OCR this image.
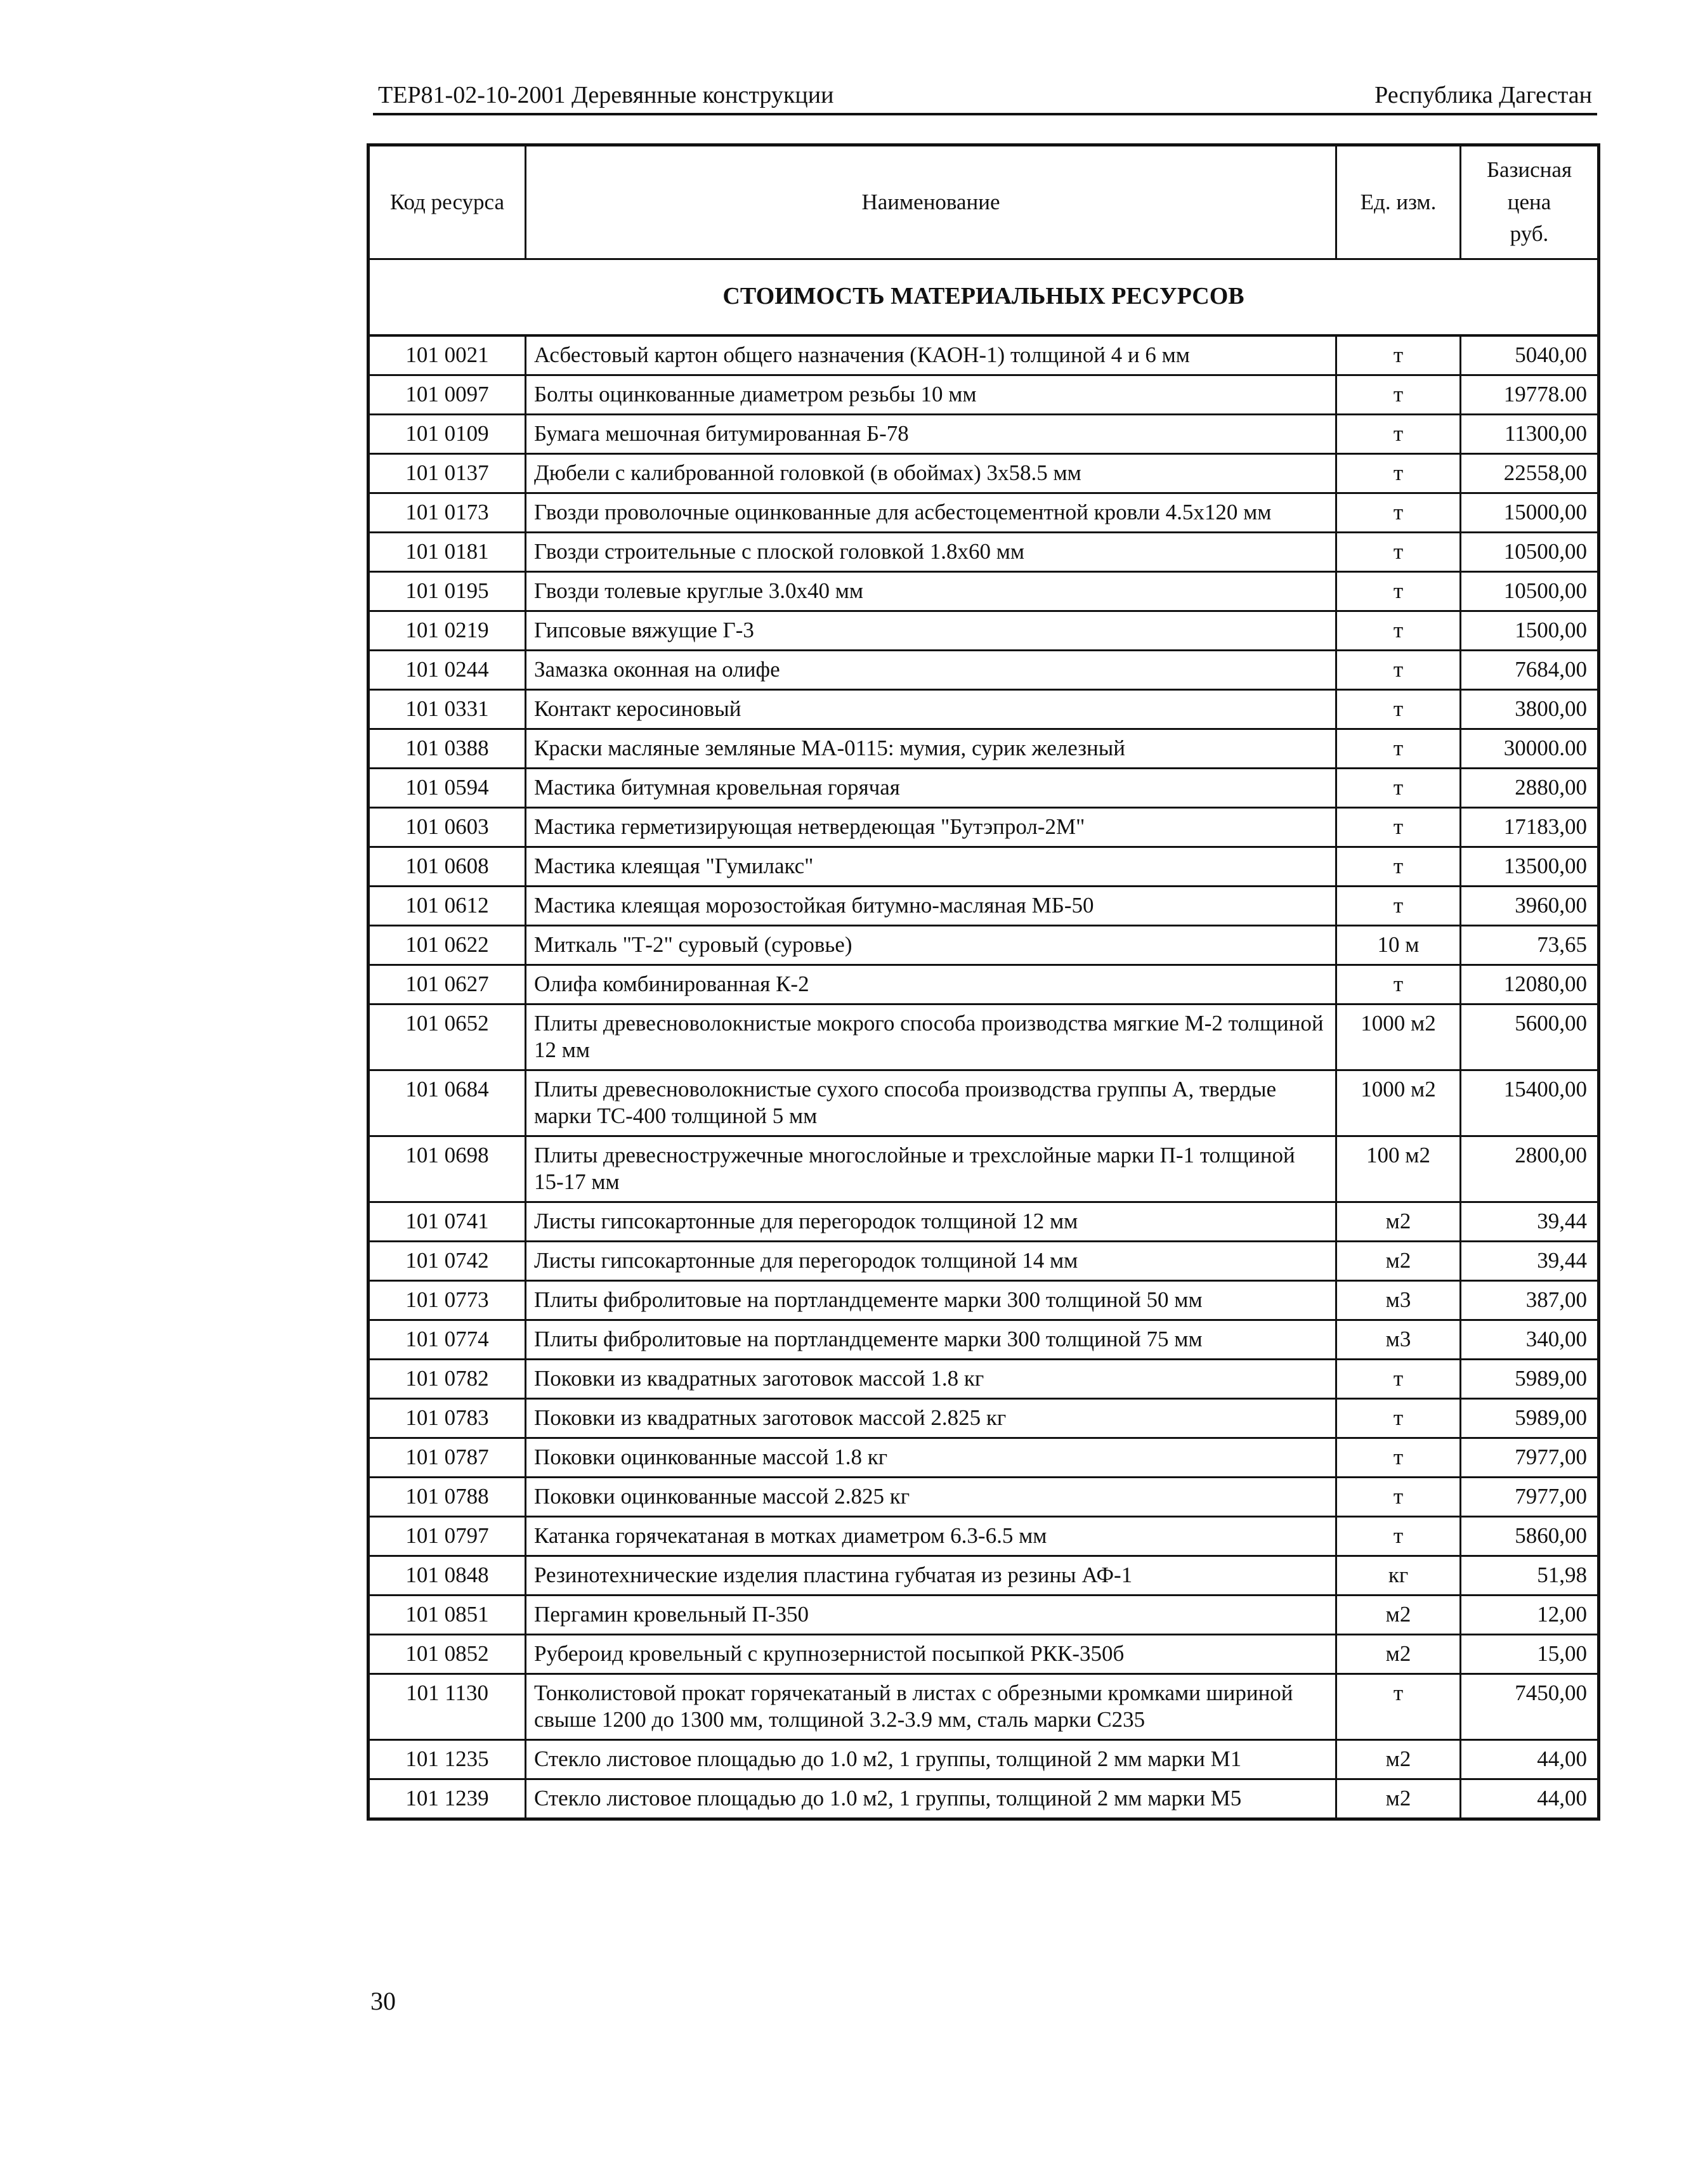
ТЕР81-02-10-2001 Деревянные конструкции	Республика Дагестан
Код ресурса	Наименование	Ед. изм.	Базисная
цена
руб.
СТОИМОСТЬ МАТЕРИАЛЬНЫХ РЕСУРСОВ			
101 0021	Асбестовый картон общего назначения (КАОН-1) толщиной 4 и 6 мм	т	5040,00
101 0097	Болты оцинкованные диаметром резьбы 10 мм	т	19778.00
101 0109	Бумага мешочная битумированная Б-78	т	11300,00
101 0137	Дюбели с калиброванной головкой (в обоймах) 3х58.5 мм	т	22558,00
101 0173	Гвозди проволочные оцинкованные для асбестоцементной кровли 4.5х120 мм	т	15000,00
101 0181	Гвозди строительные с плоской головкой 1.8х60 мм	т	10500,00
101 0195	Гвозди толевые круглые 3.0х40 мм	т	10500,00
101 0219	Гипсовые вяжущие Г-3	т	1500,00
101 0244	Замазка оконная на олифе	т	7684,00
101 0331	Контакт керосиновый	т	3800,00
101 0388	Краски масляные земляные МА-0115: мумия, сурик железный	т	30000.00
101 0594	Мастика битумная кровельная горячая	т	2880,00
101 0603	Мастика герметизирующая нетвердеющая "Бутэпрол-2М"	т	17183,00
101 0608	Мастика клеящая "Гумилакс"	т	13500,00
101 0612	Мастика клеящая морозостойкая битумно-масляная МБ-50	т	3960,00
101 0622	Миткаль "Т-2" суровый (суровье)	10 м	73,65
101 0627	Олифа комбинированная К-2	т	12080,00
101 0652	Плиты древесноволокнистые мокрого способа производства мягкие М-2 толщиной 12 мм	1000 м2	5600,00
101 0684	Плиты древесноволокнистые сухого способа производства группы А, твердые марки ТС-400 толщиной 5 мм	1000 м2	15400,00
101 0698	Плиты древесностружечные многослойные и трехслойные марки П-1 толщиной 15-17 мм	100 м2	2800,00
101 0741	Листы гипсокартонные для перегородок толщиной 12 мм	м2	39,44
101 0742	Листы гипсокартонные для перегородок толщиной 14 мм	м2	39,44
101 0773	Плиты фибролитовые на портландцементе марки 300 толщиной 50 мм	м3	387,00
101 0774	Плиты фибролитовые на портландцементе марки 300 толщиной 75 мм	м3	340,00
101 0782	Поковки из квадратных заготовок массой 1.8 кг	т	5989,00
101 0783	Поковки из квадратных заготовок массой 2.825 кг	т	5989,00
101 0787	Поковки оцинкованные массой 1.8 кг	т	7977,00
101 0788	Поковки оцинкованные массой 2.825 кг	т	7977,00
101 0797	Катанка горячекатаная в мотках диаметром 6.3-6.5 мм	т	5860,00
101 0848	Резинотехнические изделия пластина губчатая из резины АФ-1	кг	51,98
101 0851	Пергамин кровельный П-350	м2	12,00
101 0852	Рубероид кровельный с крупнозернистой посыпкой РКК-350б	м2	15,00
101 1130	Тонколистовой прокат горячекатаный в листах с обрезными кромками шириной свыше 1200 до 1300 мм, толщиной 3.2-3.9 мм, сталь марки С235	т	7450,00
101 1235	Стекло листовое площадью до 1.0 м2, 1 группы, толщиной 2 мм марки М1	м2	44,00
101 1239	Стекло листовое площадью до 1.0 м2, 1 группы, толщиной 2 мм марки М5	м2	44,00
30
